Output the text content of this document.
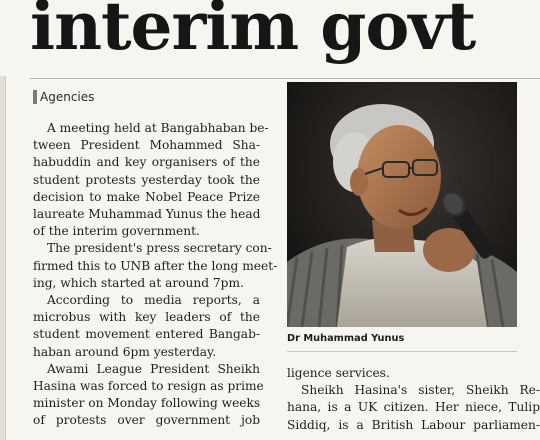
interim govt
Agencies
A meeting held at Bangabhaban be-
tween President Mohammed Sha-
habuddin and key organisers of the
student protests yesterday took the
decision to make Nobel Peace Prize
laureate Muhammad Yunus the head
of the interim government.
The president's press secretary con-
firmed this to UNB after the long meet-
ing, which started at around 7pm.
According to media reports, a
microbus with key leaders of the
student movement entered Bangab-
haban around 6pm yesterday.
Awami League President Sheikh
Hasina was forced to resign as prime
minister on Monday following weeks
of protests over government job
Dr Muhammad Yunus
ligence services.
Sheikh Hasina's sister, Sheikh Re-
hana, is a UK citizen. Her niece, Tulip
Siddiq, is a British Labour parliamen-
